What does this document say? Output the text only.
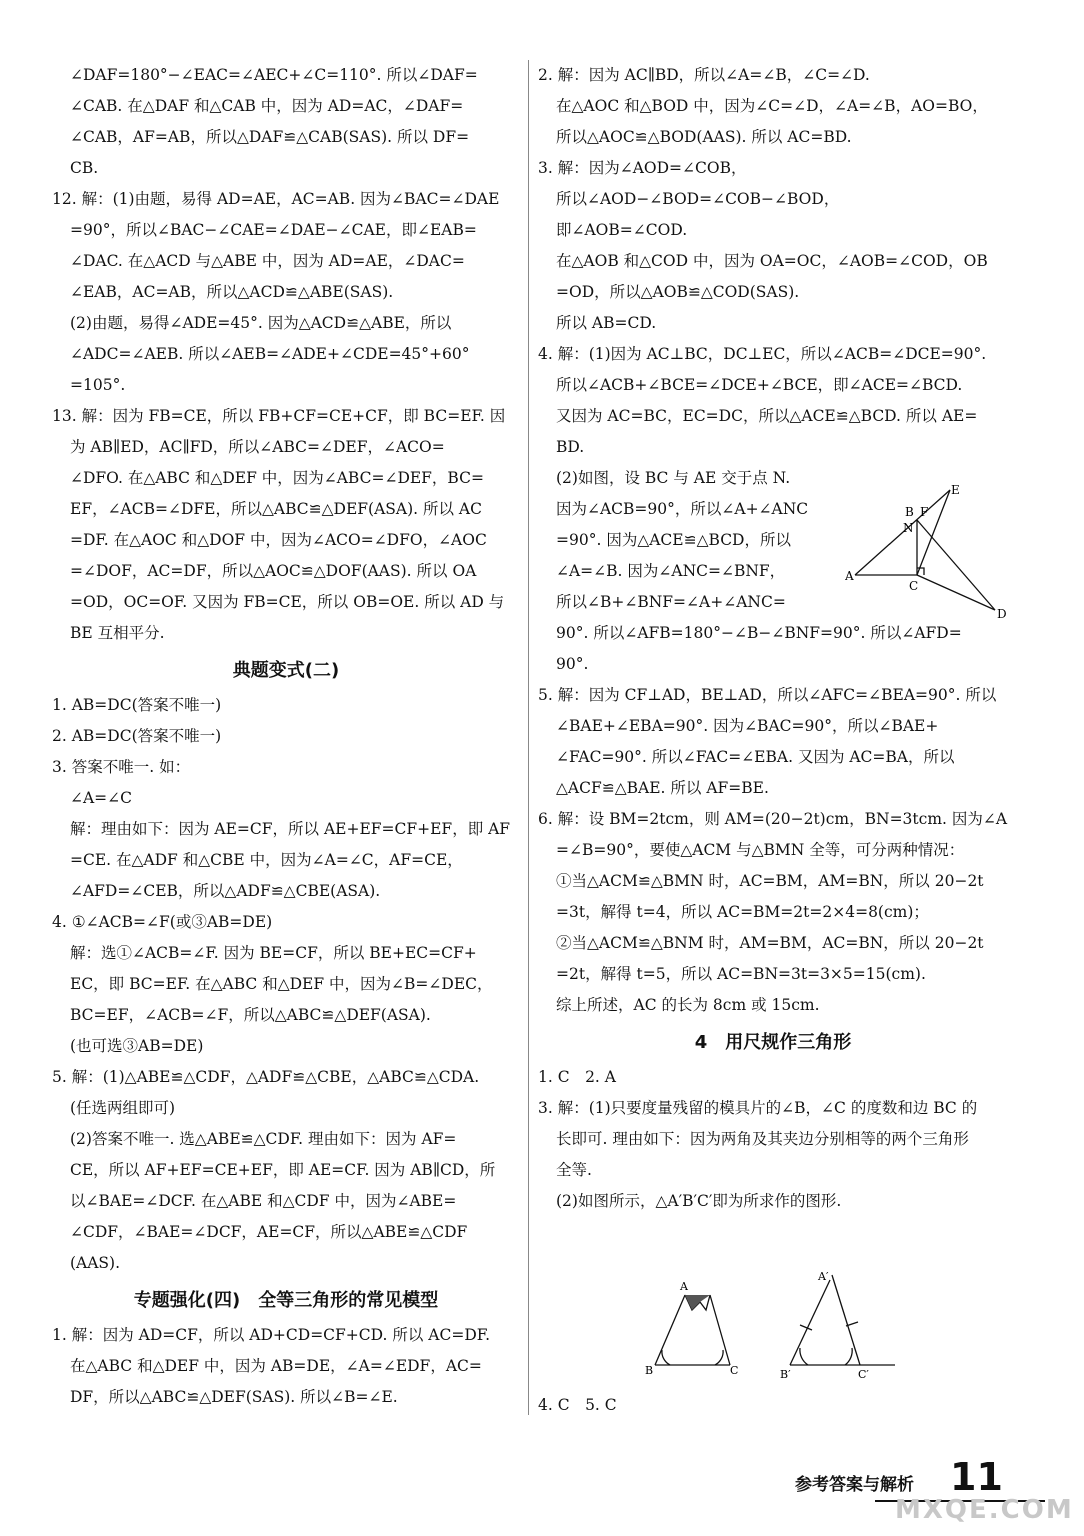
∠DAF=180°−∠EAC=∠AEC+∠C=110°. 所以∠DAF=
∠CAB. 在△DAF 和△CAB 中，因为 AD=AC，∠DAF=
∠CAB，AF=AB，所以△DAF≌△CAB(SAS). 所以 DF=
CB.
12. 解：(1)由题，易得 AD=AE，AC=AB. 因为∠BAC=∠DAE
=90°，所以∠BAC−∠CAE=∠DAE−∠CAE，即∠EAB=
∠DAC. 在△ACD 与△ABE 中，因为 AD=AE，∠DAC=
∠EAB，AC=AB，所以△ACD≌△ABE(SAS).
(2)由题，易得∠ADE=45°. 因为△ACD≌△ABE，所以
∠ADC=∠AEB. 所以∠AEB=∠ADE+∠CDE=45°+60°
=105°.
13. 解：因为 FB=CE，所以 FB+CF=CE+CF，即 BC=EF. 因
为 AB∥ED，AC∥FD，所以∠ABC=∠DEF，∠ACO=
∠DFO. 在△ABC 和△DEF 中，因为∠ABC=∠DEF，BC=
EF，∠ACB=∠DFE，所以△ABC≌△DEF(ASA). 所以 AC
=DF. 在△AOC 和△DOF 中，因为∠ACO=∠DFO，∠AOC
=∠DOF，AC=DF，所以△AOC≌△DOF(AAS). 所以 OA
=OD，OC=OF. 又因为 FB=CE，所以 OB=OE. 所以 AD 与
BE 互相平分.
典题变式(二)
1. AB=DC(答案不唯一)
2. AB=DC(答案不唯一)
3. 答案不唯一. 如：
∠A=∠C
解：理由如下：因为 AE=CF，所以 AE+EF=CF+EF，即 AF
=CE. 在△ADF 和△CBE 中，因为∠A=∠C，AF=CE，
∠AFD=∠CEB，所以△ADF≌△CBE(ASA).
4. ①∠ACB=∠F(或③AB=DE)
解：选①∠ACB=∠F. 因为 BE=CF，所以 BE+EC=CF+
EC，即 BC=EF. 在△ABC 和△DEF 中，因为∠B=∠DEC，
BC=EF，∠ACB=∠F，所以△ABC≌△DEF(ASA).
(也可选③AB=DE)
5. 解：(1)△ABE≌△CDF，△ADF≌△CBE，△ABC≌△CDA.
(任选两组即可)
(2)答案不唯一. 选△ABE≌△CDF. 理由如下：因为 AF=
CE，所以 AF+EF=CE+EF，即 AE=CF. 因为 AB∥CD，所
以∠BAE=∠DCF. 在△ABE 和△CDF 中，因为∠ABE=
∠CDF，∠BAE=∠DCF，AE=CF，所以△ABE≌△CDF
(AAS).
专题强化(四)　全等三角形的常见模型
1. 解：因为 AD=CF，所以 AD+CD=CF+CD. 所以 AC=DF.
在△ABC 和△DEF 中，因为 AB=DE，∠A=∠EDF，AC=
DF，所以△ABC≌△DEF(SAS). 所以∠B=∠E.
2. 解：因为 AC∥BD，所以∠A=∠B，∠C=∠D.
在△AOC 和△BOD 中，因为∠C=∠D，∠A=∠B，AO=BO，
所以△AOC≌△BOD(AAS). 所以 AC=BD.
3. 解：因为∠AOD=∠COB，
所以∠AOD−∠BOD=∠COB−∠BOD，
即∠AOB=∠COD.
在△AOB 和△COD 中，因为 OA=OC，∠AOB=∠COD，OB
=OD，所以△AOB≌△COD(SAS).
所以 AB=CD.
4. 解：(1)因为 AC⊥BC，DC⊥EC，所以∠ACB=∠DCE=90°.
所以∠ACB+∠BCE=∠DCE+∠BCE，即∠ACE=∠BCD.
又因为 AC=BC，EC=DC，所以△ACE≌△BCD. 所以 AE=
BD.
(2)如图，设 BC 与 AE 交于点 N.
因为∠ACB=90°，所以∠A+∠ANC
=90°. 因为△ACE≌△BCD，所以
∠A=∠B. 因为∠ANC=∠BNF，
所以∠B+∠BNF=∠A+∠ANC=
90°. 所以∠AFB=180°−∠B−∠BNF=90°. 所以∠AFD=
90°.
5. 解：因为 CF⊥AD，BE⊥AD，所以∠AFC=∠BEA=90°. 所以
∠BAE+∠EBA=90°. 因为∠BAC=90°，所以∠BAE+
∠FAC=90°. 所以∠FAC=∠EBA. 又因为 AC=BA，所以
△ACF≌△BAE. 所以 AF=BE.
6. 解：设 BM=2tcm，则 AM=(20−2t)cm，BN=3tcm. 因为∠A
=∠B=90°，要使△ACM 与△BMN 全等，可分两种情况：
①当△ACM≌△BMN 时，AC=BM，AM=BN，所以 20−2t
=3t，解得 t=4，所以 AC=BM=2t=2×4=8(cm)；
②当△ACM≌△BNM 时，AM=BM，AC=BN，所以 20−2t
=2t，解得 t=5，所以 AC=BN=3t=3×5=15(cm).
综上所述，AC 的长为 8cm 或 15cm.
4　用尺规作三角形
1. C　2. A
3. 解：(1)只要度量残留的模具片的∠B，∠C 的度数和边 BC 的
长即可. 理由如下：因为两角及其夹边分别相等的两个三角形
全等.
(2)如图所示，△A′B′C′即为所求作的图形.
4. C　5. C
A
C
B F
N
E
D
A
B	C
A′
B′	C′
参考答案与解析 11
MXQE.COM
